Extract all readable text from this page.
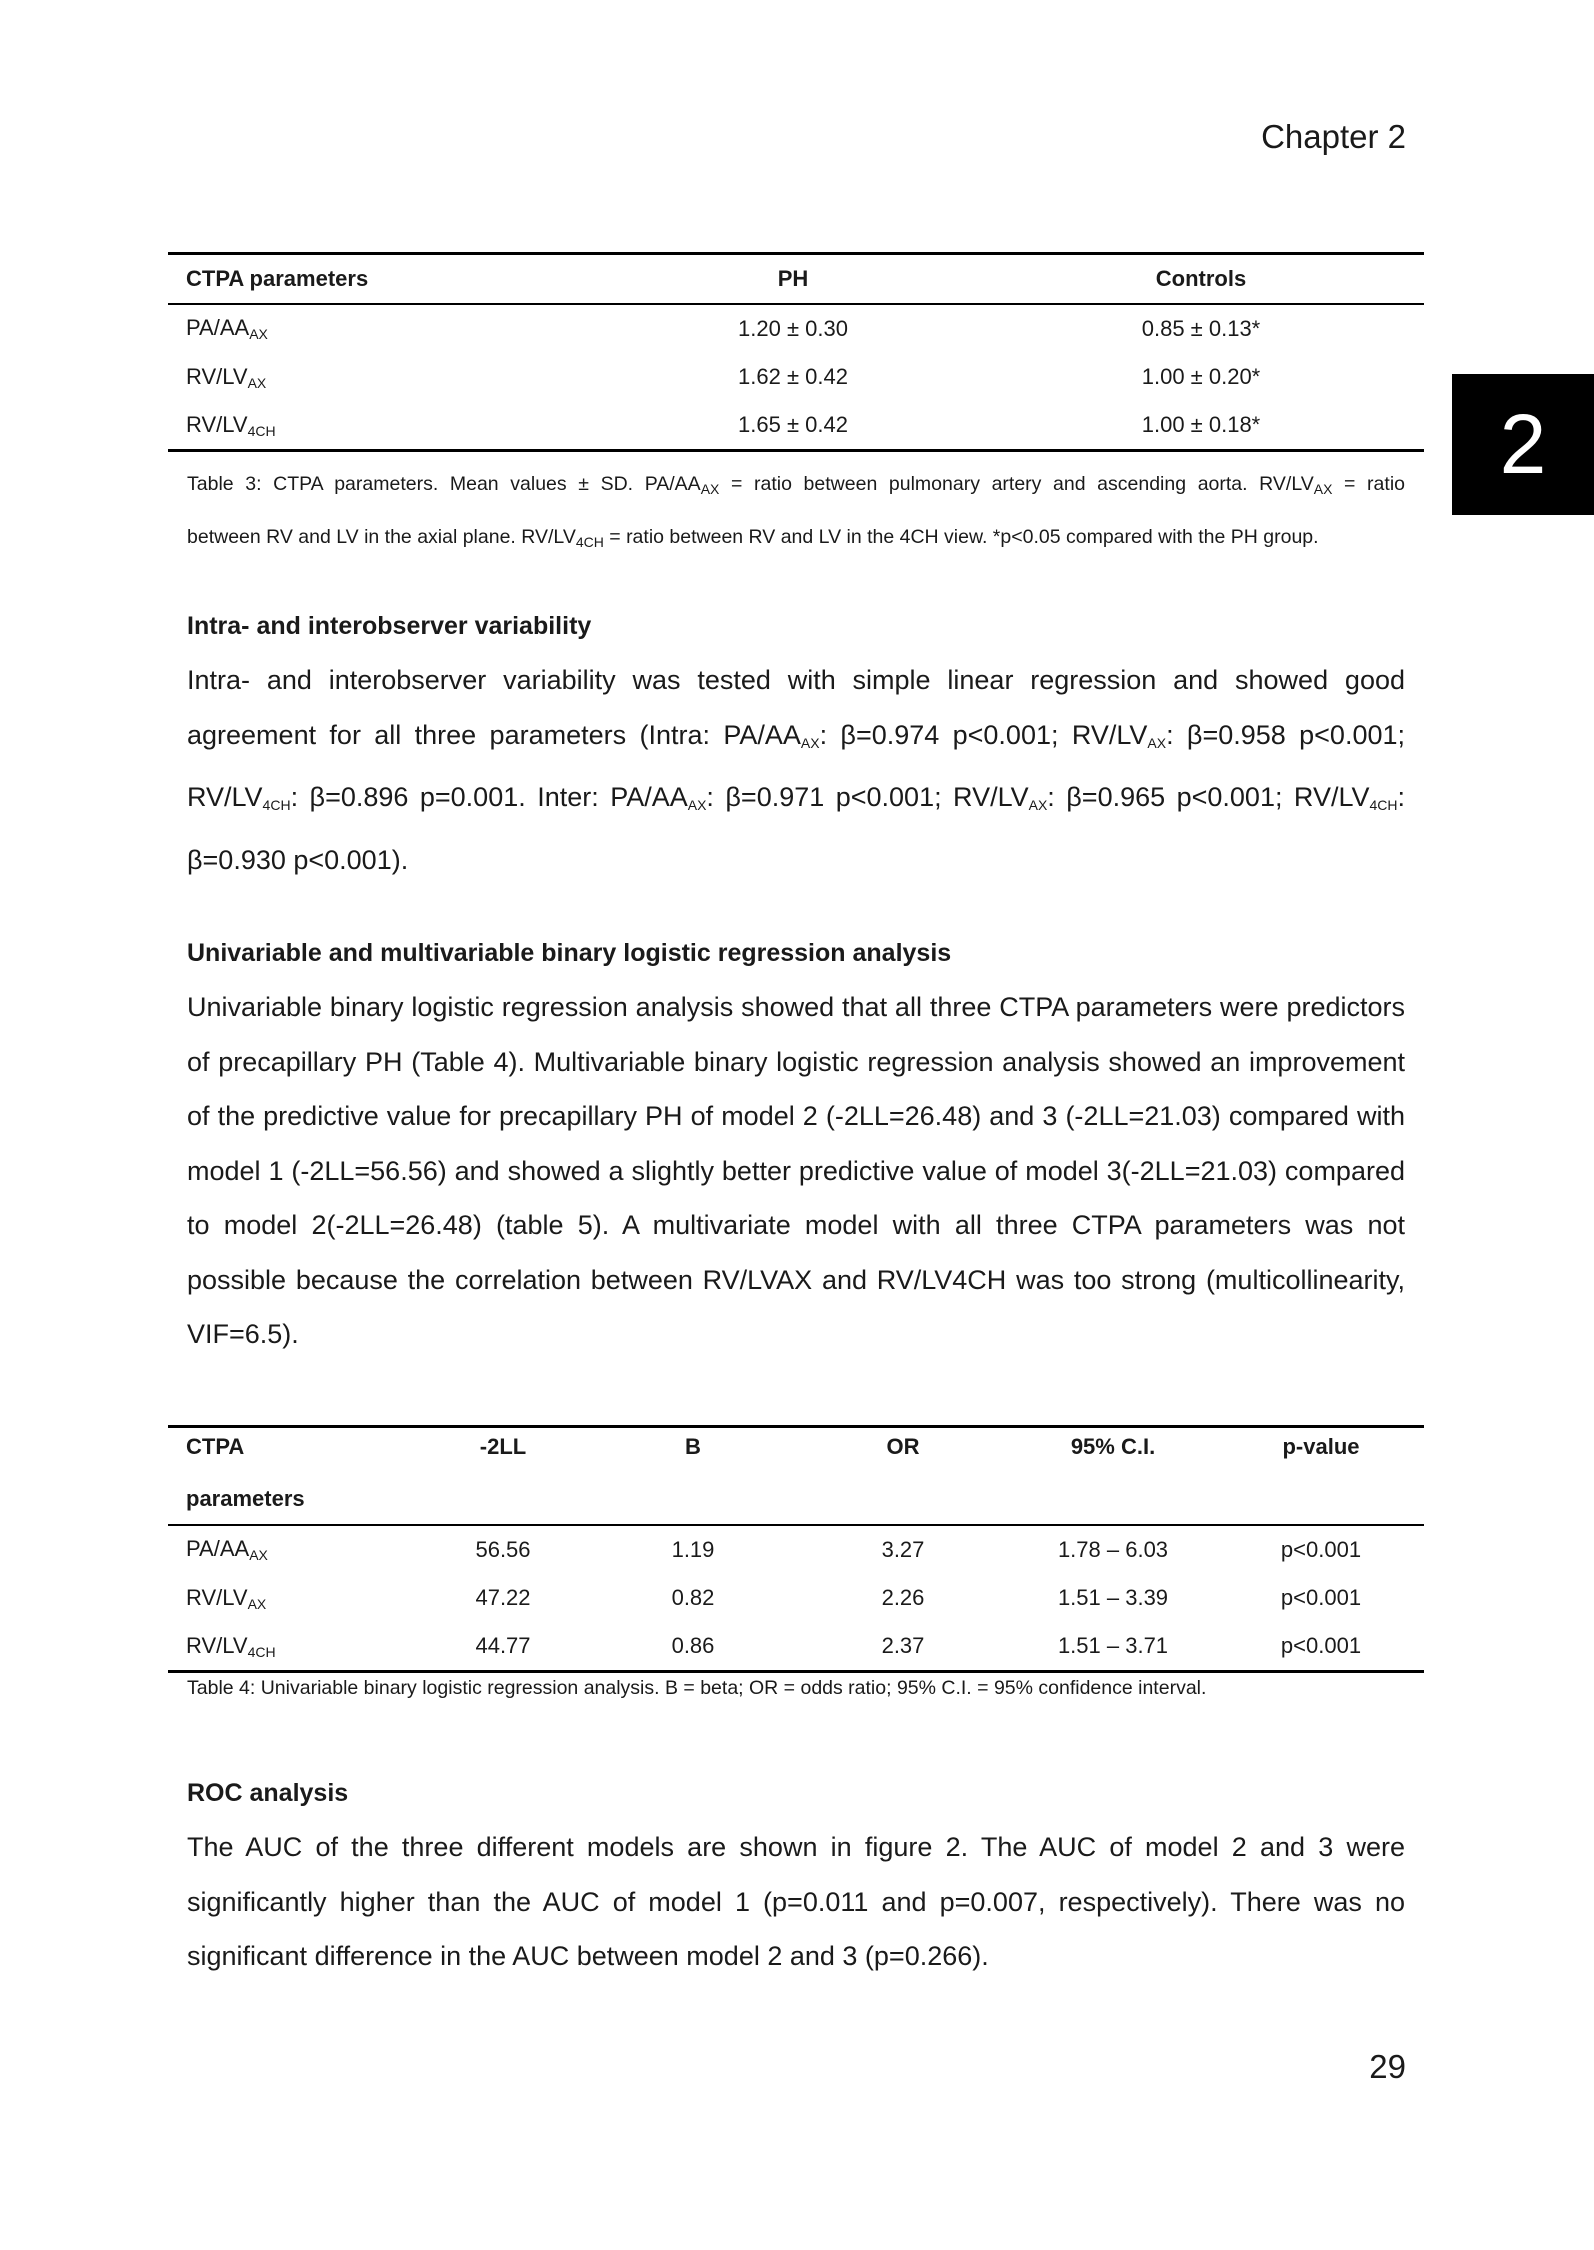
Chapter 2
2
CTPA parameters	PH	Controls
$PA/AA_{AX}$	1.20 ± 0.30	0.85 ± 0.13*
$RV/LV_{AX}$	1.62 ± 0.42	1.00 ± 0.20*
$RV/LV_{4CH}$	1.65 ± 0.42	1.00 ± 0.18*
Table 3: CTPA parameters. Mean values ± SD. $PA/AA_{AX}$ = ratio between pulmonary artery and ascending aorta. $RV/LV_{AX}$ = ratio
between RV and LV in the axial plane. $RV/LV_{4CH}$ = ratio between RV and LV in the 4CH view. *p<0.05 compared with the PH group.
Intra- and interobserver variability
Intra- and interobserver variability was tested with simple linear regression and showed good agreement for all three parameters (Intra: $PA/AA_{AX}$: β=0.974 p<0.001; $RV/LV_{AX}$: β=0.958 p<0.001; $RV/LV_{4CH}$: β=0.896 p=0.001. Inter: $PA/AA_{AX}$: β=0.971 p<0.001; $RV/LV_{AX}$: β=0.965 p<0.001; $RV/LV_{4CH}$: β=0.930 p<0.001).
Univariable and multivariable binary logistic regression analysis
Univariable binary logistic regression analysis showed that all three CTPA parameters were predictors of precapillary PH (Table 4). Multivariable binary logistic regression analysis showed an improvement of the predictive value for precapillary PH of model 2 (-2LL=26.48) and 3 (-2LL=21.03) compared with model 1 (-2LL=56.56) and showed a slightly better predictive value of model 3(-2LL=21.03) compared to model 2(-2LL=26.48) (table 5). A multivariate model with all three CTPA parameters was not possible because the correlation between RV/LVAX and RV/LV4CH was too strong (multicollinearity, VIF=6.5).
CTPA

parameters	-2LL	B	OR	95% C.I.	p-value
$PA/AA_{AX}$	56.56	1.19	3.27	1.78 – 6.03	p<0.001
$RV/LV_{AX}$	47.22	0.82	2.26	1.51 – 3.39	p<0.001
$RV/LV_{4CH}$	44.77	0.86	2.37	1.51 – 3.71	p<0.001
Table 4: Univariable binary logistic regression analysis. B = beta; OR = odds ratio; 95% C.I. = 95% confidence interval.
ROC analysis
The AUC of the three different models are shown in figure 2. The AUC of model 2 and 3 were significantly higher than the AUC of model 1 (p=0.011 and p=0.007, respectively). There was no significant difference in the AUC between model 2 and 3 (p=0.266).
29
